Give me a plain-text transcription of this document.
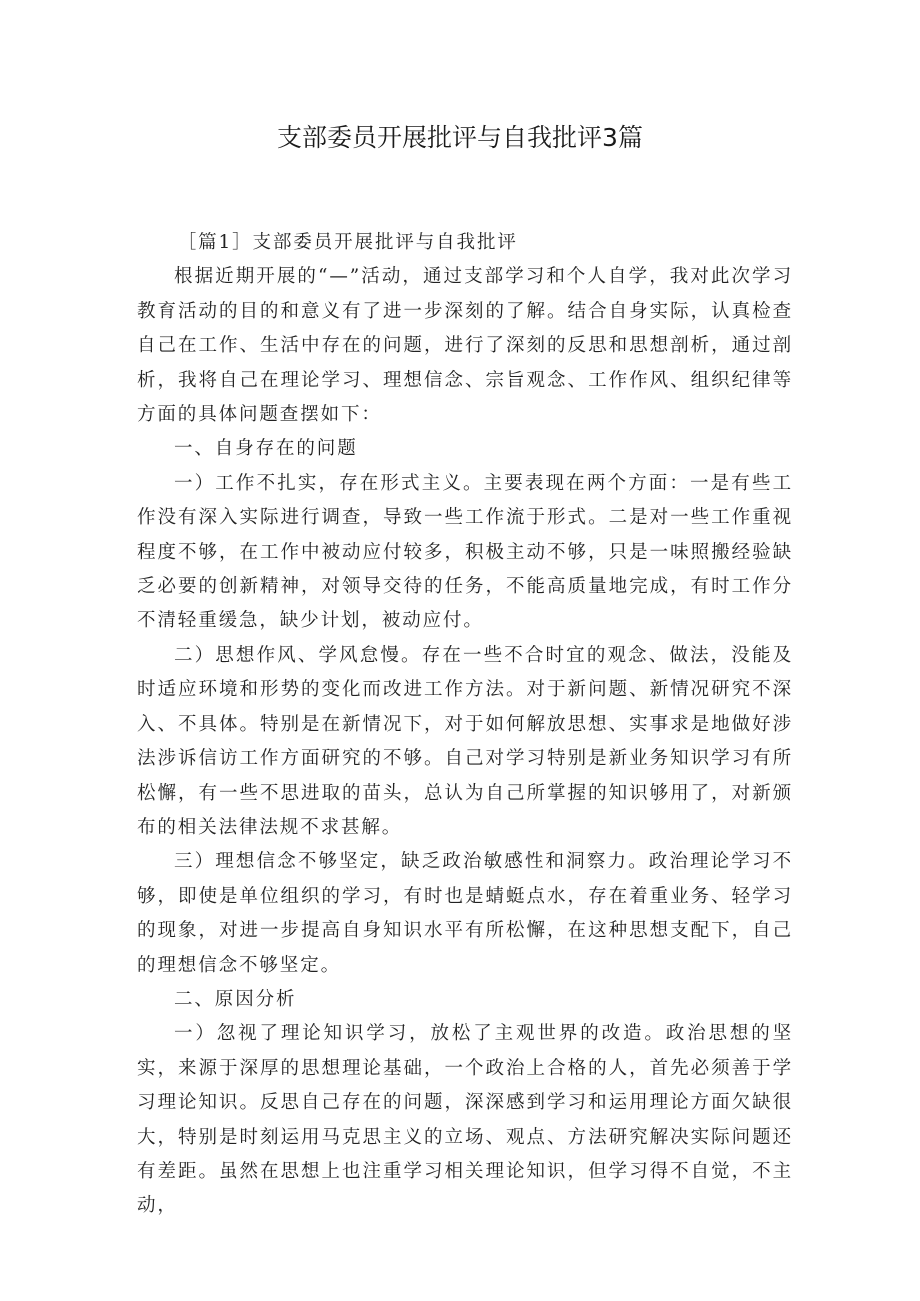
支部委员开展批评与自我批评3篇

［篇1］支部委员开展批评与自我批评

根据近期开展的“—”活动，通过支部学习和个人自学，我对此次学习教育活动的目的和意义有了进一步深刻的了解。结合自身实际，认真检查自己在工作、生活中存在的问题，进行了深刻的反思和思想剖析，通过剖析，我将自己在理论学习、理想信念、宗旨观念、工作作风、组织纪律等方面的具体问题查摆如下：

一、自身存在的问题

一）工作不扎实，存在形式主义。主要表现在两个方面：一是有些工作没有深入实际进行调查，导致一些工作流于形式。二是对一些工作重视程度不够，在工作中被动应付较多，积极主动不够，只是一味照搬经验缺乏必要的创新精神，对领导交待的任务，不能高质量地完成，有时工作分不清轻重缓急，缺少计划，被动应付。

二）思想作风、学风怠慢。存在一些不合时宜的观念、做法，没能及时适应环境和形势的变化而改进工作方法。对于新问题、新情况研究不深入、不具体。特别是在新情况下，对于如何解放思想、实事求是地做好涉法涉诉信访工作方面研究的不够。自己对学习特别是新业务知识学习有所松懈，有一些不思进取的苗头，总认为自己所掌握的知识够用了，对新颁布的相关法律法规不求甚解。

三）理想信念不够坚定，缺乏政治敏感性和洞察力。政治理论学习不够，即使是单位组织的学习，有时也是蜻蜓点水，存在着重业务、轻学习的现象，对进一步提高自身知识水平有所松懈，在这种思想支配下，自己的理想信念不够坚定。

二、原因分析

一）忽视了理论知识学习，放松了主观世界的改造。政治思想的坚实，来源于深厚的思想理论基础，一个政治上合格的人，首先必须善于学习理论知识。反思自己存在的问题，深深感到学习和运用理论方面欠缺很大，特别是时刻运用马克思主义的立场、观点、方法研究解决实际问题还有差距。虽然在思想上也注重学习相关理论知识，但学习得不自觉，不主动，
